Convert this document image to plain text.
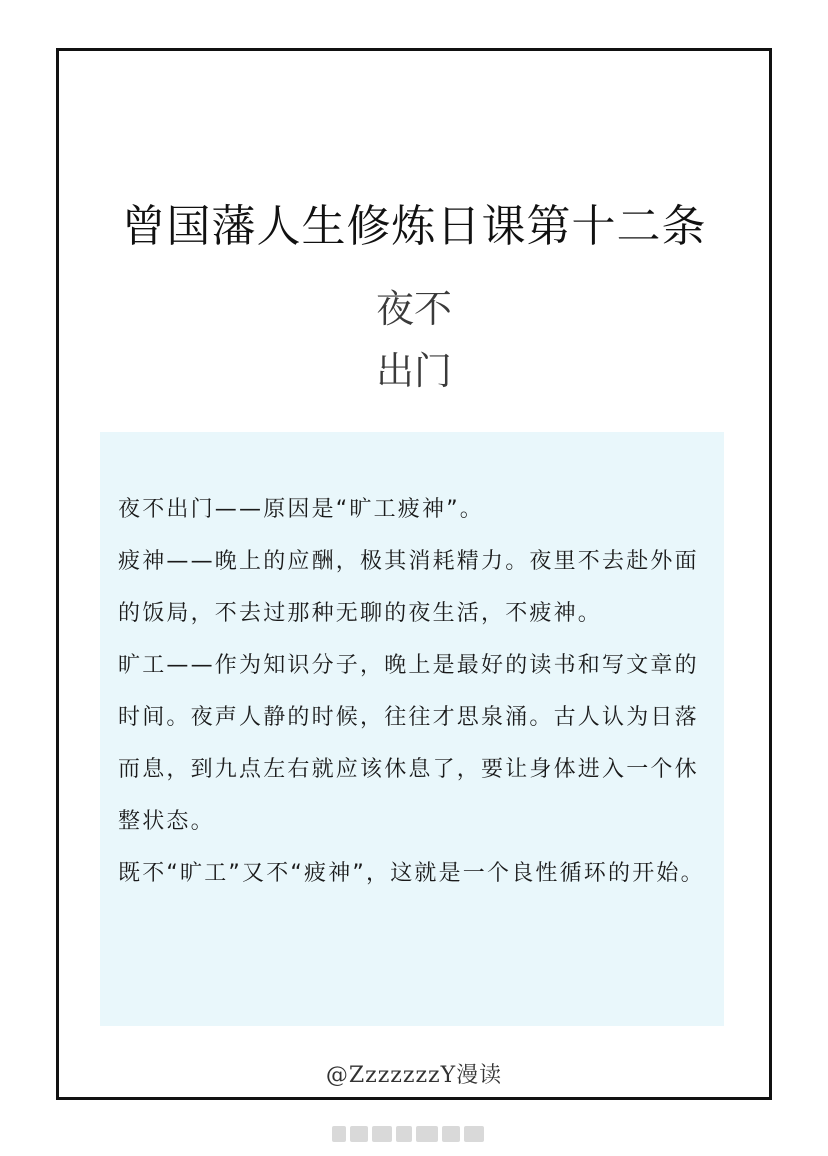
曾国藩人生修炼日课第十二条
夜不
出门

夜不出门——原因是“旷工疲神”。

疲神——晚上的应酬，极其消耗精力。夜里不去赴外面的饭局，不去过那种无聊的夜生活，不疲神。

旷工——作为知识分子，晚上是最好的读书和写文章的时间。夜声人静的时候，往往才思泉涌。古人认为日落而息，到九点左右就应该休息了，要让身体进入一个休整状态。

既不“旷工”又不“疲神”，这就是一个良性循环的开始。

@ZzzzzzzY漫读
